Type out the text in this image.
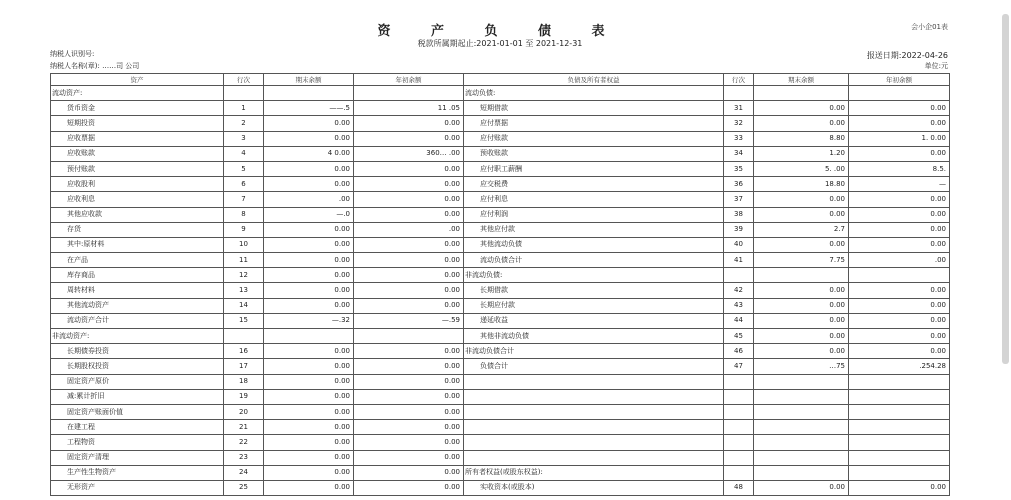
资 产 负 债 表
税款所属期起止:2021-01-01 至 2021-12-31
会小企01表
纳税人识别号:
纳税人名称(章): ……司 公司
报送日期:2022-04-26
单位:元
资产	行次	期末余额	年初余额	负债及所有者权益	行次	期末余额	年初余额
流动资产:				流动负债:			
货币资金	1	——.5	11 .05	短期借款	31	0.00	0.00
短期投资	2	0.00	0.00	应付票据	32	0.00	0.00
应收票据	3	0.00	0.00	应付账款	33	8.80	1. 0.00
应收账款	4	4 0.00	360… .00	预收账款	34	1.20	0.00
预付账款	5	0.00	0.00	应付职工薪酬	35	5. .00	8.5.
应收股利	6	0.00	0.00	应交税费	36	18.80	—
应收利息	7	.00	0.00	应付利息	37	0.00	0.00
其他应收款	8	—.0	0.00	应付利润	38	0.00	0.00
存货	9	0.00	.00	其他应付款	39	2.7	0.00
其中:原材料	10	0.00	0.00	其他流动负债	40	0.00	0.00
在产品	11	0.00	0.00	流动负债合计	41	7.75	.00
库存商品	12	0.00	0.00	非流动负债:			
周转材料	13	0.00	0.00	长期借款	42	0.00	0.00
其他流动资产	14	0.00	0.00	长期应付款	43	0.00	0.00
流动资产合计	15	—.32	—.59	递延收益	44	0.00	0.00
非流动资产:				其他非流动负债	45	0.00	0.00
长期债券投资	16	0.00	0.00	非流动负债合计	46	0.00	0.00
长期股权投资	17	0.00	0.00	负债合计	47	…75	.254.28
固定资产原价	18	0.00	0.00				
减:累计折旧	19	0.00	0.00				
固定资产账面价值	20	0.00	0.00				
在建工程	21	0.00	0.00				
工程物资	22	0.00	0.00				
固定资产清理	23	0.00	0.00				
生产性生物资产	24	0.00	0.00	所有者权益(或股东权益):			
无形资产	25	0.00	0.00	实收资本(或股本)	48	0.00	0.00
